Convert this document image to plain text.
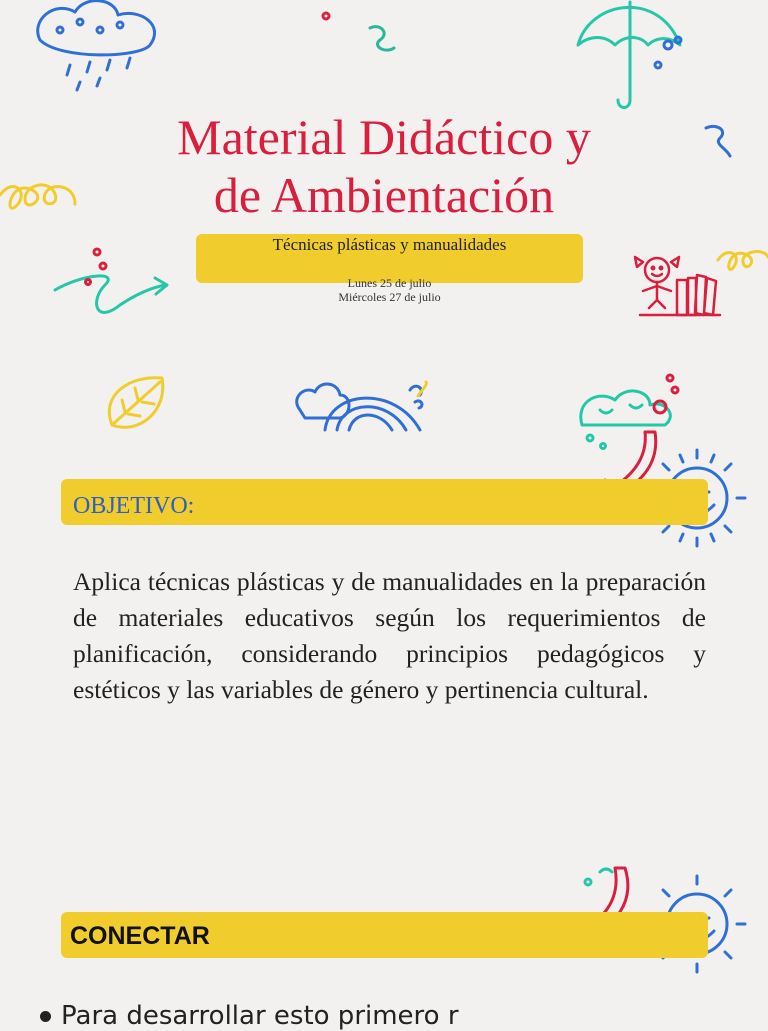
Material Didáctico y
de Ambientación
Técnicas plásticas y manualidades
Lunes 25 de julio
Miércoles 27 de julio
OBJETIVO:
Aplica técnicas plásticas y de manualidades en la preparación de materiales educativos según los requerimientos de planificación, considerando principios pedagógicos y estéticos y las variables de género y pertinencia cultural.
CONECTAR
Para desarrollar esto primero r
